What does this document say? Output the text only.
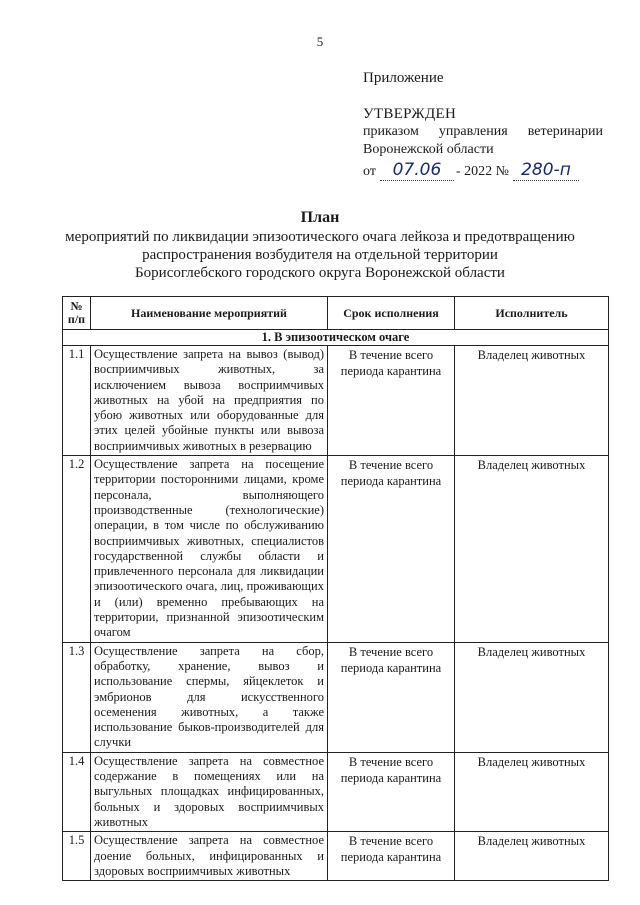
5
Приложение
УТВЕРЖДЕН
приказом управления ветеринарии
Воронежской области
от 07.06	- 2022 № 280-п
План
мероприятий по ликвидации эпизоотического очага лейкоза и предотвращению
распространения возбудителя на отдельной территории
Борисоглебского городского округа Воронежской области
№ п/п	Наименование мероприятий	Срок исполнения	Исполнитель
1. В эпизоотическом очаге			
1.1	Осуществление запрета на вывоз (вывод) восприимчивых животных, за исключением вывоза восприимчивых животных на убой на предприятия по убою животных или оборудованные для этих целей убойные пункты или вывоза восприимчивых животных в резервацию	В течение всего периода карантина	Владелец животных
1.2	Осуществление запрета на посещение территории посторонними лицами, кроме персонала, выполняющего производственные (технологические) операции, в том числе по обслуживанию восприимчивых животных, специалистов государственной службы области и привлеченного персонала для ликвидации эпизоотического очага, лиц, проживающих и (или) временно пребывающих на территории, признанной эпизоотическим очагом	В течение всего периода карантина	Владелец животных
1.3	Осуществление запрета на сбор, обработку, хранение, вывоз и использование спермы, яйцеклеток и эмбрионов для искусственного осеменения животных, а также использование быков-производителей для случки	В течение всего периода карантина	Владелец животных
1.4	Осуществление запрета на совместное содержание в помещениях или на выгульных площадках инфицированных, больных и здоровых восприимчивых животных	В течение всего периода карантина	Владелец животных
1.5	Осуществление запрета на совместное доение больных, инфицированных и здоровых восприимчивых животных	В течение всего периода карантина	Владелец животных
